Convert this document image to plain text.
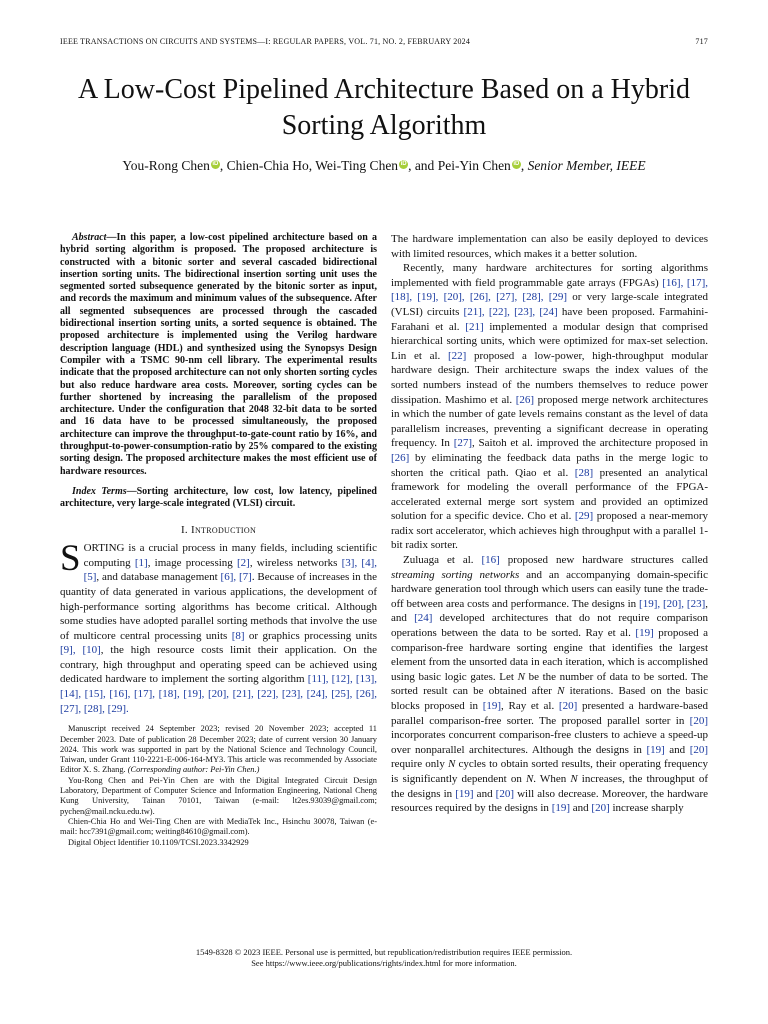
IEEE TRANSACTIONS ON CIRCUITS AND SYSTEMS—I: REGULAR PAPERS, VOL. 71, NO. 2, FEBRUARY 2024	717
A Low-Cost Pipelined Architecture Based on a Hybrid Sorting Algorithm
You-Rong Chen iD , Chien-Chia Ho, Wei-Ting Chen iD , and Pei-Yin Chen iD , Senior Member, IEEE

Abstract—In this paper, a low-cost pipelined architecture based on a hybrid sorting algorithm is proposed. The proposed architecture is constructed with a bitonic sorter and several cascaded bidirectional insertion sorting units. The bidirectional insertion sorting unit uses the segmented sorted subsequence generated by the bitonic sorter as input, and records the maximum and minimum values of the subsequence. After all segmented subsequences are processed through the cascaded bidirectional insertion sorting units, a sorted sequence is obtained. The proposed architecture is implemented using the Verilog hardware description language (HDL) and synthesized using the Synopsys Design Compiler with a TSMC 90-nm cell library. The experimental results indicate that the proposed architecture can not only shorten sorting cycles but also reduce hardware area costs. Moreover, sorting cycles can be further shortened by increasing the parallelism of the proposed architecture. Under the configuration that 2048 32-bit data to be sorted and 16 data have to be processed simultaneously, the proposed architecture can improve the throughput-to-gate-count ratio by 16%, and throughput-to-power-consumption-ratio by 25% compared to the existing sorting design. The proposed architecture makes the most efficient use of hardware resources.

Index Terms—Sorting architecture, low cost, low latency, pipelined architecture, very large-scale integrated (VLSI) circuit.

I. Introduction

SORTING is a crucial process in many fields, including scientific computing [1], image processing [2], wireless networks [3], [4], [5], and database management [6], [7]. Because of increases in the quantity of data generated in various applications, the development of high-performance sorting algorithms has become critical. Although some studies have adopted parallel sorting methods that involve the use of multicore central processing units [8] or graphics processing units [9], [10], the high resource costs limit their application. On the contrary, high throughput and operating speed can be achieved using dedicated hardware to implement the sorting algorithm [11], [12], [13], [14], [15], [16], [17], [18], [19], [20], [21], [22], [23], [24], [25], [26], [27], [28], [29].

Manuscript received 24 September 2023; revised 20 November 2023; accepted 11 December 2023. Date of publication 28 December 2023; date of current version 30 January 2024. This work was supported in part by the National Science and Technology Council, Taiwan, under Grant 110-2221-E-006-164-MY3. This article was recommended by Associate Editor X. S. Zhang. (Corresponding author: Pei-Yin Chen.)

You-Rong Chen and Pei-Yin Chen are with the Digital Integrated Circuit Design Laboratory, Department of Computer Science and Information Engineering, National Cheng Kung University, Tainan 70101, Taiwan (e-mail: lt2es.93039@gmail.com; pychen@mail.ncku.edu.tw).

Chien-Chia Ho and Wei-Ting Chen are with MediaTek Inc., Hsinchu 30078, Taiwan (e-mail: hcc7391@gmail.com; weiting84610@gmail.com).

Digital Object Identifier 10.1109/TCSI.2023.3342929

The hardware implementation can also be easily deployed to devices with limited resources, which makes it a better solution.

Recently, many hardware architectures for sorting algorithms implemented with field programmable gate arrays (FPGAs) [16], [17], [18], [19], [20], [26], [27], [28], [29] or very large-scale integrated (VLSI) circuits [21], [22], [23], [24] have been proposed. Farmahini-Farahani et al. [21] implemented a modular design that comprised hierarchical sorting units, which were optimized for max-set selection. Lin et al. [22] proposed a low-power, high-throughput modular hardware design. Their architecture swaps the index values of the sorted numbers instead of the numbers themselves to reduce power dissipation. Mashimo et al. [26] proposed merge network architectures in which the number of gate levels remains constant as the level of data parallelism increases, preventing a significant decrease in operating frequency. In [27], Saitoh et al. improved the architecture proposed in [26] by eliminating the feedback data paths in the merge logic to shorten the critical path. Qiao et al. [28] presented an analytical framework for modeling the overall performance of the FPGA-accelerated external merge sort system and provided an optimized solution for a specific device. Cho et al. [29] proposed a near-memory radix sort accelerator, which achieves high throughput with a parallel 1-bit radix sorter.

Zuluaga et al. [16] proposed new hardware structures called streaming sorting networks and an accompanying domain-specific hardware generation tool through which users can easily tune the trade-off between area costs and performance. The designs in [19], [20], [23], and [24] developed architectures that do not require comparison operations between the data to be sorted. Ray et al. [19] proposed a comparison-free hardware sorting engine that identifies the largest element from the unsorted data in each iteration, which is accomplished using basic logic gates. Let N be the number of data to be sorted. The sorted result can be obtained after N iterations. Based on the basic blocks proposed in [19], Ray et al. [20] presented a hardware-based parallel comparison-free sorter. The proposed parallel sorter in [20] incorporates concurrent comparison-free clusters to achieve a speed-up over nonparallel architectures. Although the designs in [19] and [20] require only N cycles to obtain sorted results, their operating frequency is significantly dependent on N. When N increases, the throughput of the designs in [19] and [20] will also decrease. Moreover, the hardware resources required by the designs in [19] and [20] increase sharply

1549-8328 © 2023 IEEE. Personal use is permitted, but republication/redistribution requires IEEE permission.
See https://www.ieee.org/publications/rights/index.html for more information.
